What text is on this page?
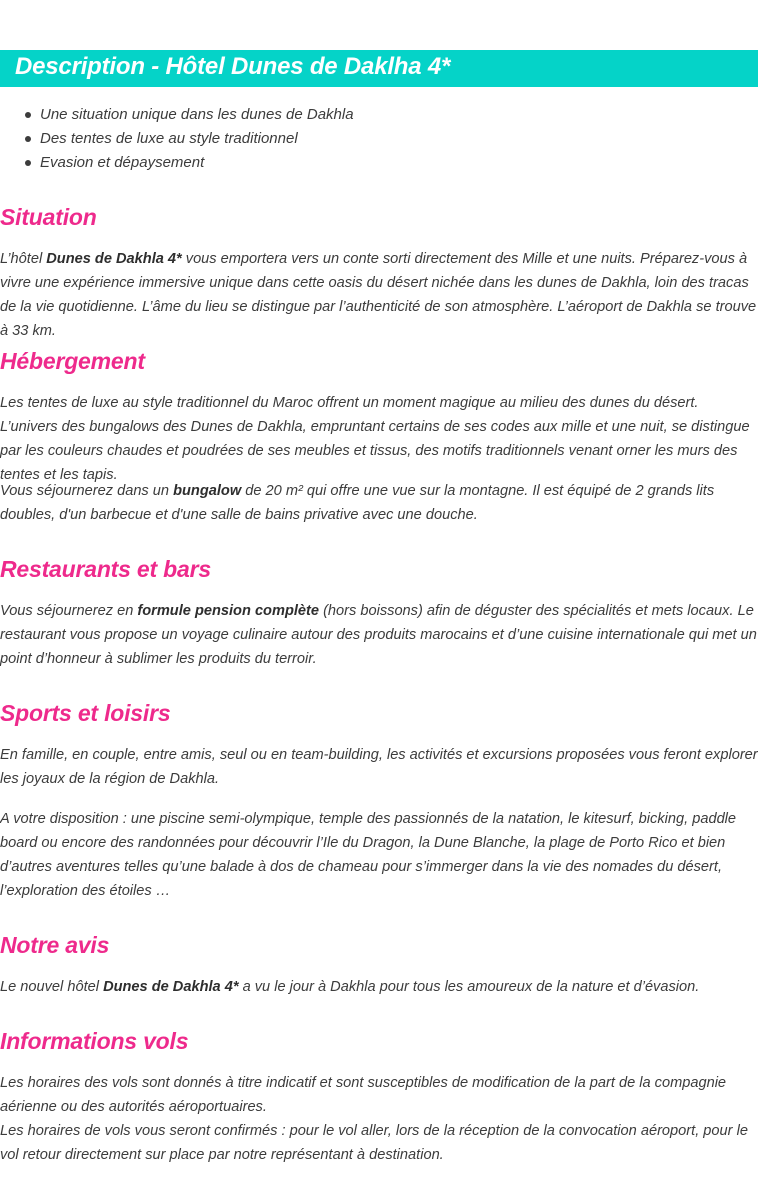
Description - Hôtel Dunes de Daklha 4*
Une situation unique dans les dunes de Dakhla
Des tentes de luxe au style traditionnel
Evasion et dépaysement
Situation

L’hôtel Dunes de Dakhla 4* vous emportera vers un conte sorti directement des Mille et une nuits. Préparez-vous à vivre une expérience immersive unique dans cette oasis du désert nichée dans les dunes de Dakhla, loin des tracas de la vie quotidienne. L’âme du lieu se distingue par l’authenticité de son atmosphère. L’aéroport de Dakhla se trouve à 33 km.

Hébergement

Les tentes de luxe au style traditionnel du Maroc offrent un moment magique au milieu des dunes du désert. L’univers des bungalows des Dunes de Dakhla, empruntant certains de ses codes aux mille et une nuit, se distingue par les couleurs chaudes et poudrées de ses meubles et tissus, des motifs traditionnels venant orner les murs des tentes et les tapis.

Vous séjournerez dans un bungalow de 20 m² qui offre une vue sur la montagne. Il est équipé de 2 grands lits doubles, d'un barbecue et d'une salle de bains privative avec une douche.

Restaurants et bars

Vous séjournerez en formule pension complète (hors boissons) afin de déguster des spécialités et mets locaux. Le restaurant vous propose un voyage culinaire autour des produits marocains et d’une cuisine internationale qui met un point d’honneur à sublimer les produits du terroir.

Sports et loisirs

En famille, en couple, entre amis, seul ou en team-building, les activités et excursions proposées vous feront explorer les joyaux de la région de Dakhla.

A votre disposition : une piscine semi-olympique, temple des passionnés de la natation, le kitesurf, bicking, paddle board ou encore des randonnées pour découvrir l’Ile du Dragon, la Dune Blanche, la plage de Porto Rico et bien d’autres aventures telles qu’une balade à dos de chameau pour s’immerger dans la vie des nomades du désert, l’exploration des étoiles …

Notre avis

Le nouvel hôtel Dunes de Dakhla 4* a vu le jour à Dakhla pour tous les amoureux de la nature et d’évasion.

Informations vols

Les horaires des vols sont donnés à titre indicatif et sont susceptibles de modification de la part de la compagnie aérienne ou des autorités aéroportuaires.

Les horaires de vols vous seront confirmés : pour le vol aller, lors de la réception de la convocation aéroport, pour le vol retour directement sur place par notre représentant à destination.
